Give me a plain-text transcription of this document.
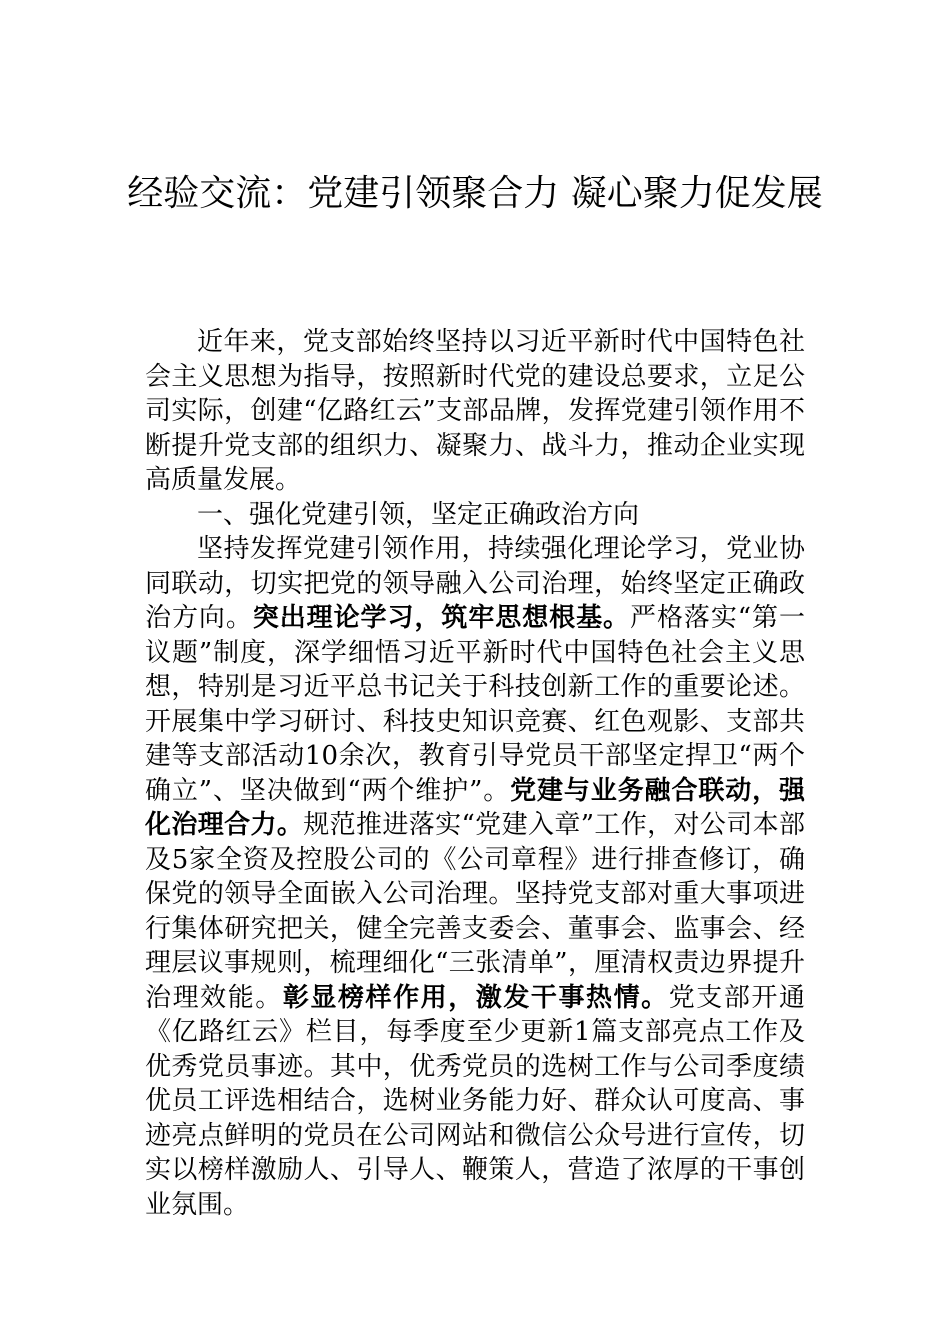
经验交流：党建引领聚合力 凝心聚力促发展

近年来，党支部始终坚持以习近平新时代中国特色社会主义思想为指导，按照新时代党的建设总要求，立足公司实际，创建“亿路红云”支部品牌，发挥党建引领作用不断提升党支部的组织力、凝聚力、战斗力，推动企业实现高质量发展。

一、强化党建引领，坚定正确政治方向

坚持发挥党建引领作用，持续强化理论学习，党业协同联动，切实把党的领导融入公司治理，始终坚定正确政治方向。突出理论学习，筑牢思想根基。严格落实“第一议题”制度，深学细悟习近平新时代中国特色社会主义思想，特别是习近平总书记关于科技创新工作的重要论述。开展集中学习研讨、科技史知识竞赛、红色观影、支部共建等支部活动10余次，教育引导党员干部坚定捍卫“两个确立”、坚决做到“两个维护”。党建与业务融合联动，强化治理合力。规范推进落实“党建入章”工作，对公司本部及5家全资及控股公司的《公司章程》进行排查修订，确保党的领导全面嵌入公司治理。坚持党支部对重大事项进行集体研究把关，健全完善支委会、董事会、监事会、经理层议事规则，梳理细化“三张清单”，厘清权责边界提升治理效能。彰显榜样作用，激发干事热情。党支部开通《亿路红云》栏目，每季度至少更新1篇支部亮点工作及优秀党员事迹。其中，优秀党员的选树工作与公司季度绩优员工评选相结合，选树业务能力好、群众认可度高、事迹亮点鲜明的党员在公司网站和微信公众号进行宣传，切实以榜样激励人、引导人、鞭策人，营造了浓厚的干事创业氛围。
